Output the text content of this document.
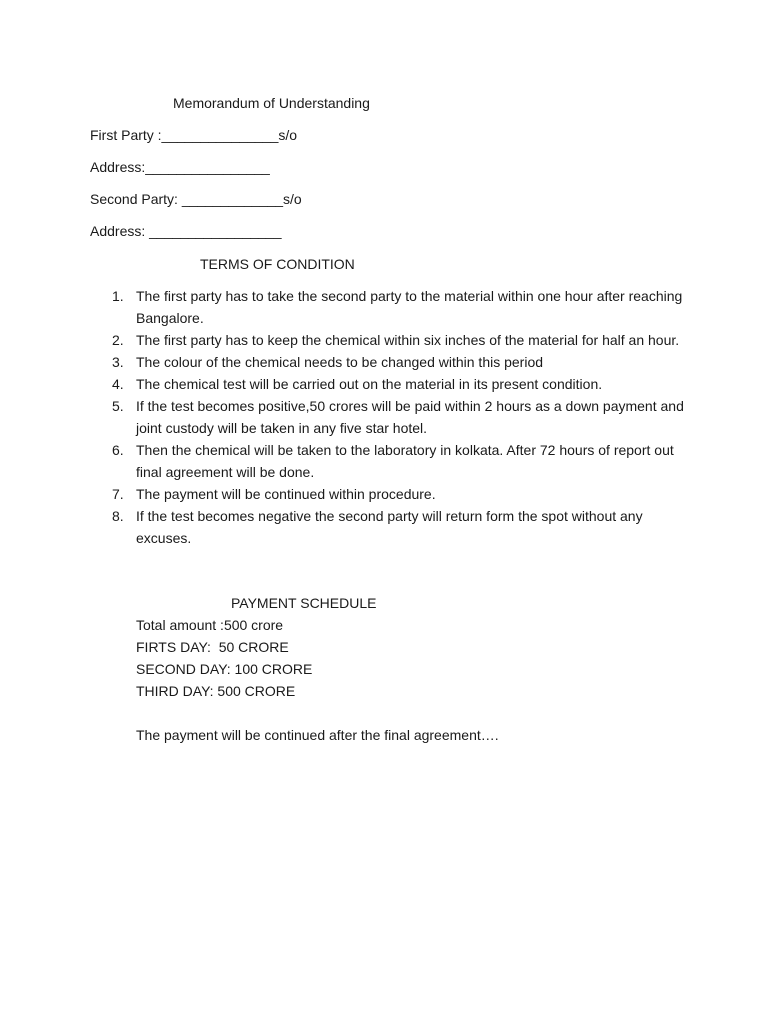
Memorandum of Understanding
First Party :_______________s/o
Address:________________
Second Party: _____________s/o
Address: _________________
TERMS OF CONDITION
1. The first party has to take the second party to the material within one hour after reaching Bangalore.
2. The first party has to keep the chemical within six inches of the material for half an hour.
3. The colour of the chemical needs to be changed within this period
4. The chemical test will be carried out on the material in its present condition.
5. If the test becomes positive,50 crores will be paid within 2 hours as a down payment and joint custody will be taken in any five star hotel.
6. Then the chemical will be taken to the laboratory in kolkata. After 72 hours of report out final agreement will be done.
7. The payment will be continued within procedure.
8. If the test becomes negative the second party will return form the spot without any excuses.
PAYMENT SCHEDULE
Total amount :500 crore
FIRTS DAY:  50 CRORE
SECOND DAY: 100 CRORE
THIRD DAY: 500 CRORE
The payment will be continued after the final agreement….
